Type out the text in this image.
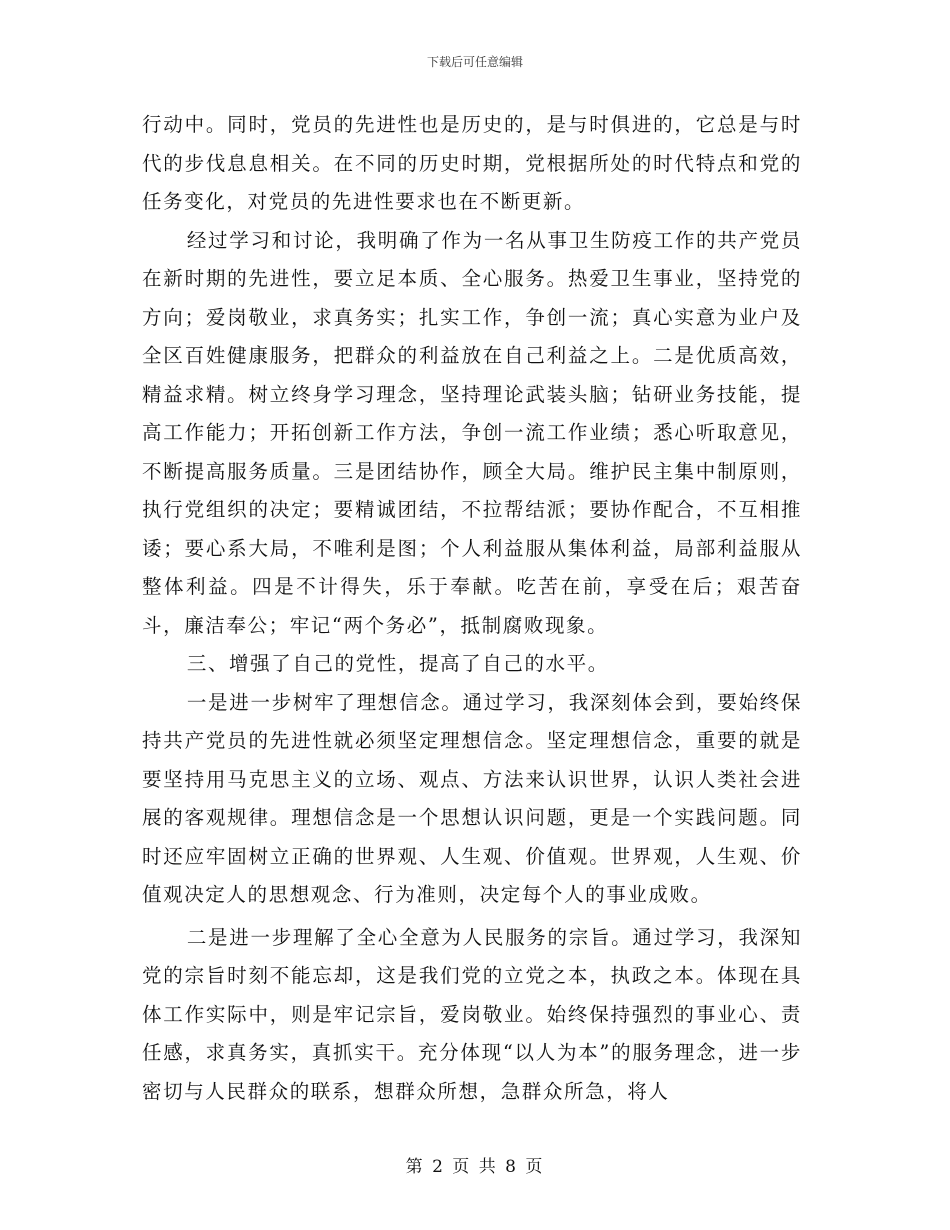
下载后可任意编辑

行动中。同时，党员的先进性也是历史的，是与时俱进的，它总是与时代的步伐息息相关。在不同的历史时期，党根据所处的时代特点和党的任务变化，对党员的先进性要求也在不断更新。

经过学习和讨论，我明确了作为一名从事卫生防疫工作的共产党员在新时期的先进性，要立足本质、全心服务。热爱卫生事业，坚持党的方向；爱岗敬业，求真务实；扎实工作，争创一流；真心实意为业户及全区百姓健康服务，把群众的利益放在自己利益之上。二是优质高效，精益求精。树立终身学习理念，坚持理论武装头脑；钻研业务技能，提高工作能力；开拓创新工作方法，争创一流工作业绩；悉心听取意见，不断提高服务质量。三是团结协作，顾全大局。维护民主集中制原则，执行党组织的决定；要精诚团结，不拉帮结派；要协作配合，不互相推诿；要心系大局，不唯利是图；个人利益服从集体利益，局部利益服从整体利益。四是不计得失，乐于奉献。吃苦在前，享受在后；艰苦奋斗，廉洁奉公；牢记“两个务必”，抵制腐败现象。

三、增强了自己的党性，提高了自己的水平。

一是进一步树牢了理想信念。通过学习，我深刻体会到，要始终保持共产党员的先进性就必须坚定理想信念。坚定理想信念，重要的就是要坚持用马克思主义的立场、观点、方法来认识世界，认识人类社会进展的客观规律。理想信念是一个思想认识问题，更是一个实践问题。同时还应牢固树立正确的世界观、人生观、价值观。世界观，人生观、价值观决定人的思想观念、行为准则，决定每个人的事业成败。

二是进一步理解了全心全意为人民服务的宗旨。通过学习，我深知党的宗旨时刻不能忘却，这是我们党的立党之本，执政之本。体现在具体工作实际中，则是牢记宗旨，爱岗敬业。始终保持强烈的事业心、责任感，求真务实，真抓实干。充分体现“以人为本”的服务理念，进一步密切与人民群众的联系，想群众所想，急群众所急，将人

第 2 页 共 8 页
